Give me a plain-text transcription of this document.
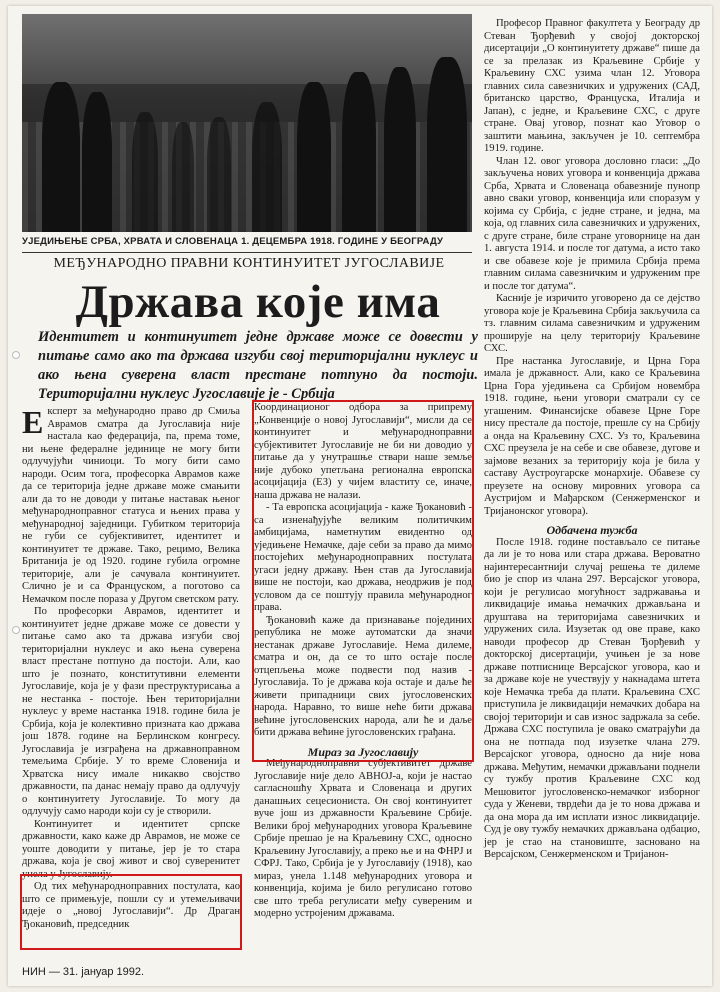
УЈЕДИЊЕЊЕ СРБА, ХРВАТА И СЛОВЕНАЦА 1. ДЕЦЕМБРА 1918. ГОДИНЕ У БЕОГРАДУ
МЕЂУНАРОДНО ПРАВНИ КОНТИНУИТЕТ ЈУГОСЛАВИЈЕ
Држава које има
Идентитет и континуитет једне државе може се довести у питање само ако та држава изгуби свој територијални нуклеус и ако њена суверена власт престане потпуно да постоји. Територијални нуклеус Југославије је - Србија

Експерт за међународно право др Смиља Аврамов сматра да Југославија није настала као федерација, па, према томе, ни њене федералне јединице не могу бити одлучујући чиниоци. То могу бити само народи. Осим тога, професорка Аврамов каже да се територија једне државе може смањити али да то не доводи у питање наставак њеног међународноправног статуса и њених права у међународној заједници. Губитком територија не губи се субјективитет, идентитет и континуитет те државе. Тако, рецимо, Велика Британија је од 1920. године губила огромне територије, али је сачувала континуитет. Слично је и са Француском, а поготово са Немачком после пораза у Другом светском рату.

По професорки Аврамов, идентитет и континуитет једне државе може се довести у питање само ако та држава изгуби свој територијални нуклеус и ако њена суверена власт престане потпуно да постоји. Али, као што је познато, конститутивни елементи Југославије, која је у фази преструктурисања а не нестанка - постоје. Њен територијални нуклеус у време настанка 1918. године била је Србија, која је колективно призната као држава још 1878. године на Берлинском конгресу. Југославија је изграђена на државноправном темељима Србије. У то време Словенија и Хрватска нису имале никакво својство државности, па данас немају право да одлучују о континуитету Југославије. То могу да одлучују само народи који су је створили.

Континуитет и идентитет српске државности, како каже др Аврамов, не може се уоште доводити у питање, јер је то стара држава, која је свој живот и свој суверенитет унела у Југославију.

Од тих међународноправних постулата, као што се примењује, пошли су и утемељивачи идеје о „новој Југославији“. Др Драган Ђокановић, председник

Координационог одбора за припрему „Конвенције о новој Југославији“, мисли да се континуитет и међународноправни субјективитет Југославије не би ни доводио у питање да у унутрашње ствари наше земље није дубоко упетљана регионална европска асоцијација (ЕЗ) у чијем властиту се, иначе, наша држава не налази.

- Та европска асоцијација - каже Ђокановић - са изненађујуће великим политичким амбицијама, наметнутим евидентно од уједињене Немачке, даје себи за право да мимо постојећих међународноправних постулата угаси једну државу. Њен став да Југославија више не постоји, као држава, неодржив је под условом да се поштују правила међународног права.

Ђокановић каже да признавање појединих република не може аутоматски да значи нестанак државе Југославије. Нема дилеме, сматра и он, да се то што остаје после отцепљења може подвести под назив - Југославија. То је држава која остаје и даље ће живети припадници свих југословенских народа. Наравно, то више неће бити држава већине југословенских народа, али ће и даље бити држава већине југословенских грађана.

Мираз за Југославију

Међународноправни субјективитет државе Југославије није дело АВНОЈ-а, који је настао сагласношћу Хрвата и Словенаца и других данашњих сецесиониста. Он свој континуитет вуче још из државности Краљевине Србије. Велики број међународних уговора Краљевине Србије прешао је на Краљевину СХС, односно Краљевину Југославију, а преко ње и на ФНРЈ и СФРЈ. Тако, Србија је у Југославију (1918), као мираз, унела 1.148 међународних уговора и конвенција, којима је било регулисано готово све што треба регулисати међу сувереним и модерно устројеним државама.

Професор Правног факултета у Београду др Стеван Ђорђевић у својој докторској дисертацији „О континуитету државе“ пише да се за прелазак из Краљевине Србије у Краљевину СХС узима члан 12. Уговора главних сила савезничких и удружених (САД, британско царство, Француска, Италија и Јапан), с једне, и Краљевине СХС, с друге стране. Овај уговор, познат као Уговор о заштити мањина, закључен је 10. септембра 1919. године.

Члан 12. овог уговора дословно гласи: „До закључења нових уговора и конвенција држава Срба, Хрвата и Словенаца обавезније пунопр авно сваки уговор, конвенција или споразум у којима су Србија, с једне стране, и једна, ма која, од главних сила савезничких и удружених, с друге стране, биле стране уговорнице на дан 1. августа 1914. и после тог датума, а исто тако и све обавезе које је примила Србија према главним силама савезничким и удруженим пре и после тог датума“.

Касније је изричито уговорено да се дејство уговора које је Краљевина Србија закључила са тз. главним силама савезничким и удруженим проширује на целу територију Краљевине СХС.

Пре настанка Југославије, и Црна Гора имала је државност. Али, како се Краљевина Црна Гора уједињена са Србијом новембра 1918. године, њени уговори сматрали су се угашеним. Финансијске обавезе Црне Горе нису престале да постоје, прешле су на Србију а онда на Краљевину СХС. Уз то, Краљевина СХС преузела је на себе и све обавезе, дугове и зајмове везаних за територију која је била у саставу Аустроугарске монархије. Обавезе су преузете на основу мировних уговора са Аустријом и Мађарском (Сенжерменског и Тријанонског уговора).

Одбачена тужба

После 1918. године постављало се питање да ли је то нова или стара држава. Вероватно најинтересантнији случај решења те дилеме био је спор из члана 297. Версајског уговора, који је регулисао могућност задржавања и ликвидације имања немачких држављана и друштава на територијама савезничких и удружених сила. Изузетак од ове праве, како наводи професор др Стеван Ђорђевић у докторској дисертацији, учињен је за нове државе потписнице Версајског уговора, као и за државе које не учествују у накнадама штета које Немачка треба да плати. Краљевина СХС приступила је ликвидацији немачких добара на својој територији и сав износ задржала за себе. Држава СХС поступила је овако сматрајући да она не потпада под изузетке члана 279. Версајског уговора, односно да није нова држава. Међутим, немачки држављани поднели су тужбу против Краљевине СХС код Мешовитог југословенско-немачког изборног суда у Женеви, тврдећи да је то нова држава и да она мора да им исплати износ ликвидације. Суд је ову тужбу немачких држављана одбацио, јер је стао на становиште, засновано на Версајском, Сенжерменском и Тријанон-

НИН — 31. јануар 1992.
